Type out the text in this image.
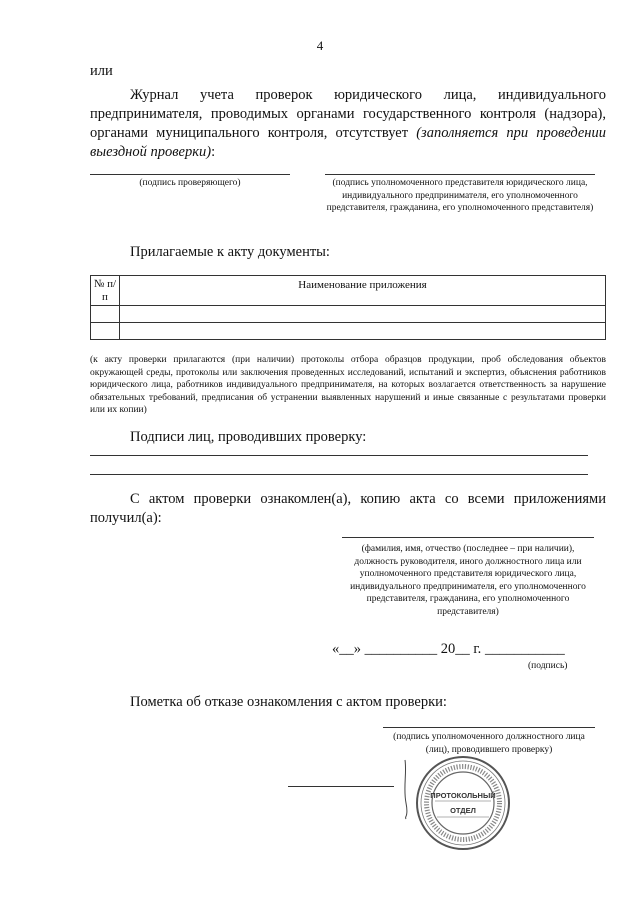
4
или
Журнал учета проверок юридического лица, индивидуального предпринимателя, проводимых органами государственного контроля (надзора), органами муниципального контроля, отсутствует (заполняется при проведении выездной проверки):
(подпись проверяющего)	(подпись уполномоченного представителя юридического лица, индивидуального предпринимателя, его уполномоченного представителя, гражданина, его уполномоченного представителя)
Прилагаемые к акту документы:
№ п/п	Наименование приложения

(к акту проверки прилагаются (при наличии) протоколы отбора образцов продукции, проб обследования объектов окружающей среды, протоколы или заключения проведенных исследований, испытаний и экспертиз, объяснения работников юридического лица, работников индивидуального предпринимателя, на которых возлагается ответственность за нарушение обязательных требований, предписания об устранении выявленных нарушений и иные связанные с результатами проверки или их копии)
Подписи лиц, проводивших проверку:
С актом проверки ознакомлен(а), копию акта со всеми приложениями получил(а):
(фамилия, имя, отчество (последнее – при наличии), должность руководителя, иного должностного лица или уполномоченного представителя юридического лица, индивидуального предпринимателя, его уполномоченного представителя, гражданина, его уполномоченного представителя)
«__» __________ 20__ г. ___________
(подпись)
Пометка об отказе ознакомления с актом проверки:
(подпись уполномоченного должностного лица (лиц), проводившего проверку)
ПРОТОКОЛЬНЫЙ
ОТДЕЛ
